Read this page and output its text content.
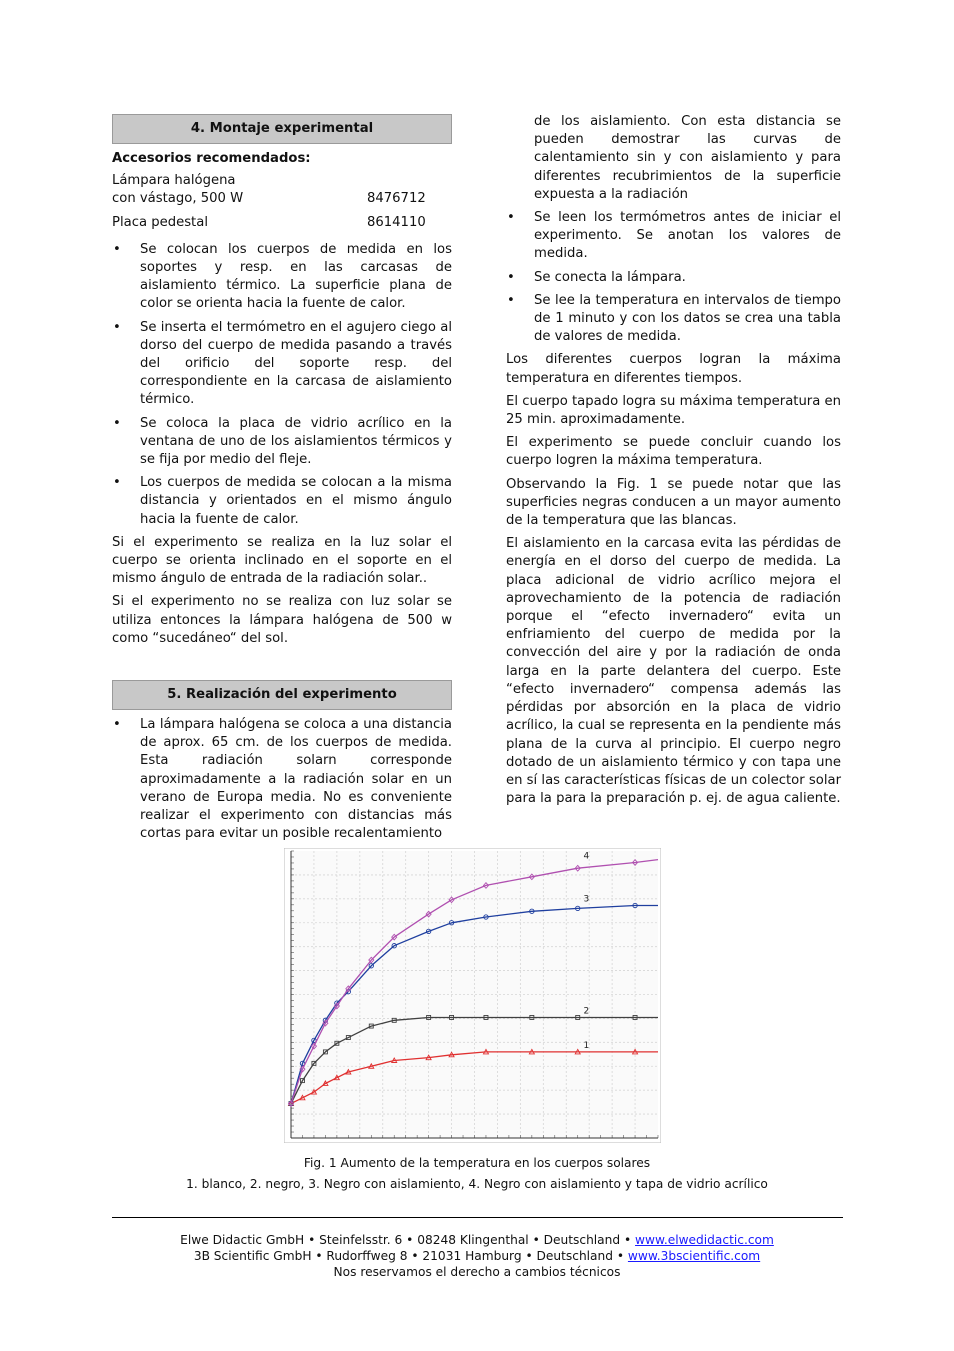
4. Montaje experimental

Accesorios recomendados:

Lámpara halógena
con vástago, 500 W	8476712
Placa pedestal	8614110
• Se colocan los cuerpos de medida en los soportes y resp. en las carcasas de aislamiento térmico. La superficie plana de color se orienta hacia la fuente de calor.
• Se inserta el termómetro en el agujero ciego al dorso del cuerpo de medida pasando a través del orificio del soporte resp. del correspondiente en la carcasa de aislamiento térmico.
• Se coloca la placa de vidrio acrílico en la ventana de uno de los aislamientos térmicos y se fija por medio del fleje.
• Los cuerpos de medida se colocan a la misma distancia y orientados en el mismo ángulo hacia la fuente de calor.

Si el experimento se realiza en la luz solar el cuerpo se orienta inclinado en el soporte en el mismo ángulo de entrada de la radiación solar..

Si el experimento no se realiza con luz solar se utiliza entonces la lámpara halógena de 500 w como “sucedáneo“ del sol.

5. Realización del experimento
• La lámpara halógena se coloca a una distancia de aprox. 65 cm. de los cuerpos de medida. Esta radiación solarn corresponde aproximadamente a la radiación solar en un verano de Europa media. No es conveniente realizar el experimento con distancias más cortas para evitar un posible recalentamiento
de los aislamiento. Con esta distancia se pueden demostrar las curvas de calentamiento sin y con aislamiento y para diferentes recubrimientos de la superficie expuesta a la radiación
• Se leen los termómetros antes de iniciar el experimento. Se anotan los valores de medida.
• Se conecta la lámpara.
• Se lee la temperatura en intervalos de tiempo de 1 minuto y con los datos se crea una tabla de valores de medida.

Los diferentes cuerpos logran la máxima temperatura en diferentes tiempos.

El cuerpo tapado logra su máxima temperatura en 25 min. aproximadamente.

El experimento se puede concluir cuando los cuerpo logren la máxima temperatura.

Observando la Fig. 1 se puede notar que las superficies negras conducen a un mayor aumento de la temperatura que las blancas.

El aislamiento en la carcasa evita las pérdidas de energía en el dorso del cuerpo de medida. La placa adicional de vidrio acrílico mejora el aprovechamiento de la potencia de radiación porque el “efecto invernadero“ evita un enfriamiento del cuerpo de medida por la convección del aire y por la radiación de onda larga en la parte delantera del cuerpo. Este “efecto invernadero“ compensa además las pérdidas por absorción en la placa de vidrio acrílico, la cual se representa en la pendiente más plana de la curva al principio. El cuerpo negro dotado de un aislamiento térmico y con tapa une en sí las características físicas de un colector solar para la para la preparación p. ej. de agua caliente.

1
2
3
4
Fig. 1 Aumento de la temperatura en los cuerpos solares
1. blanco, 2. negro, 3. Negro con aislamiento, 4. Negro con aislamiento y tapa de vidrio acrílico
Elwe Didactic GmbH • Steinfelsstr. 6 • 08248 Klingenthal • Deutschland • www.elwedidactic.com
3B Scientific GmbH • Rudorffweg 8 • 21031 Hamburg • Deutschland • www.3bscientific.com
Nos reservamos el derecho a cambios técnicos
